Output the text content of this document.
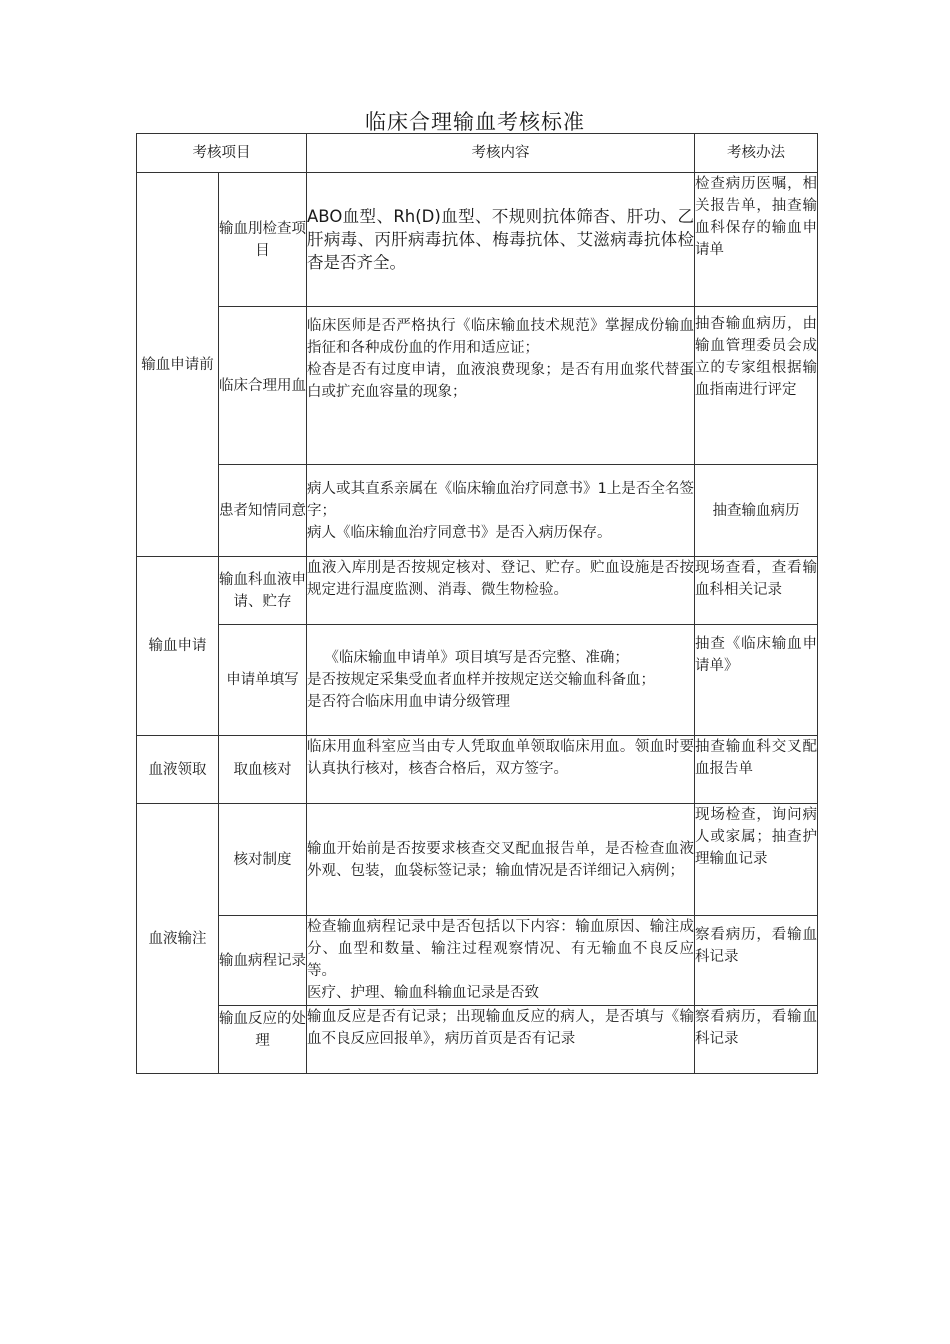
临床合理输血考核标准
考核项目		考核内容	考核办法
输血申请前	输血刖检查项目	ABO血型、Rh(D)血型、不规则抗体筛杳、肝功、乙肝病毒、丙肝病毒抗体、梅毒抗体、艾滋病毒抗体检杳是否齐全。	检查病历医嘱，相关报告单，抽查输血科保存的输血申请单
	临床合理用血	临床医师是否严格执行《临床输血技术规范》掌握成份输血指征和各种成份血的作用和适应证；
检杳是否有过度申请，血液浪费现象；是否有用血浆代替蛋白或扩充血容量的现象；	抽杳输血病历，由输血管理委员会成立的专家组根据输血指南进行评定
	患者知情同意	病人或其直系亲属在《临床输血治疗同意书》1上是否全名签字；
病人《临床输血治疗同意书》是否入病历保存。	抽查输血病历
输血申请	输血科血液申请、贮存	血液入库刖是否按规定核对、登记、贮存。贮血设施是否按规定进行温度监测、消毒、微生物检验。	现场查看，查看输血科相关记录
	申请单填写	《临床输血申请单》项目填写是否完整、准确；
是否按规定采集受血者血样并按规定送交输血科备血；
是否符合临床用血申请分级管理	抽查《临床输血申请单》
血液领取	取血核对	临床用血科室应当由专人凭取血单领取临床用血。领血时要认真执行核对，核杳合格后，双方签字。	抽查输血科交叉配血报告单
血液输注	核对制度	输血开始前是否按要求核查交叉配血报告单，是否检查血液外观、包装，血袋标签记录；输血情况是否详细记入病例；	现场检查，询问病人或家属；抽查护理输血记录
	输血病程记录	检查输血病程记录中是否包括以下内容：输血原因、输注成分、血型和数量、输注过程观察情况、有无输血不良反应等。
医疗、护理、输血科输血记录是否致	察看病历，看输血科记录
	输血反应的处理	输血反应是否有记录；出现输血反应的病人，是否填与《输血不良反应回报单》，病历首页是否有记录	察看病历，看输血科记录
